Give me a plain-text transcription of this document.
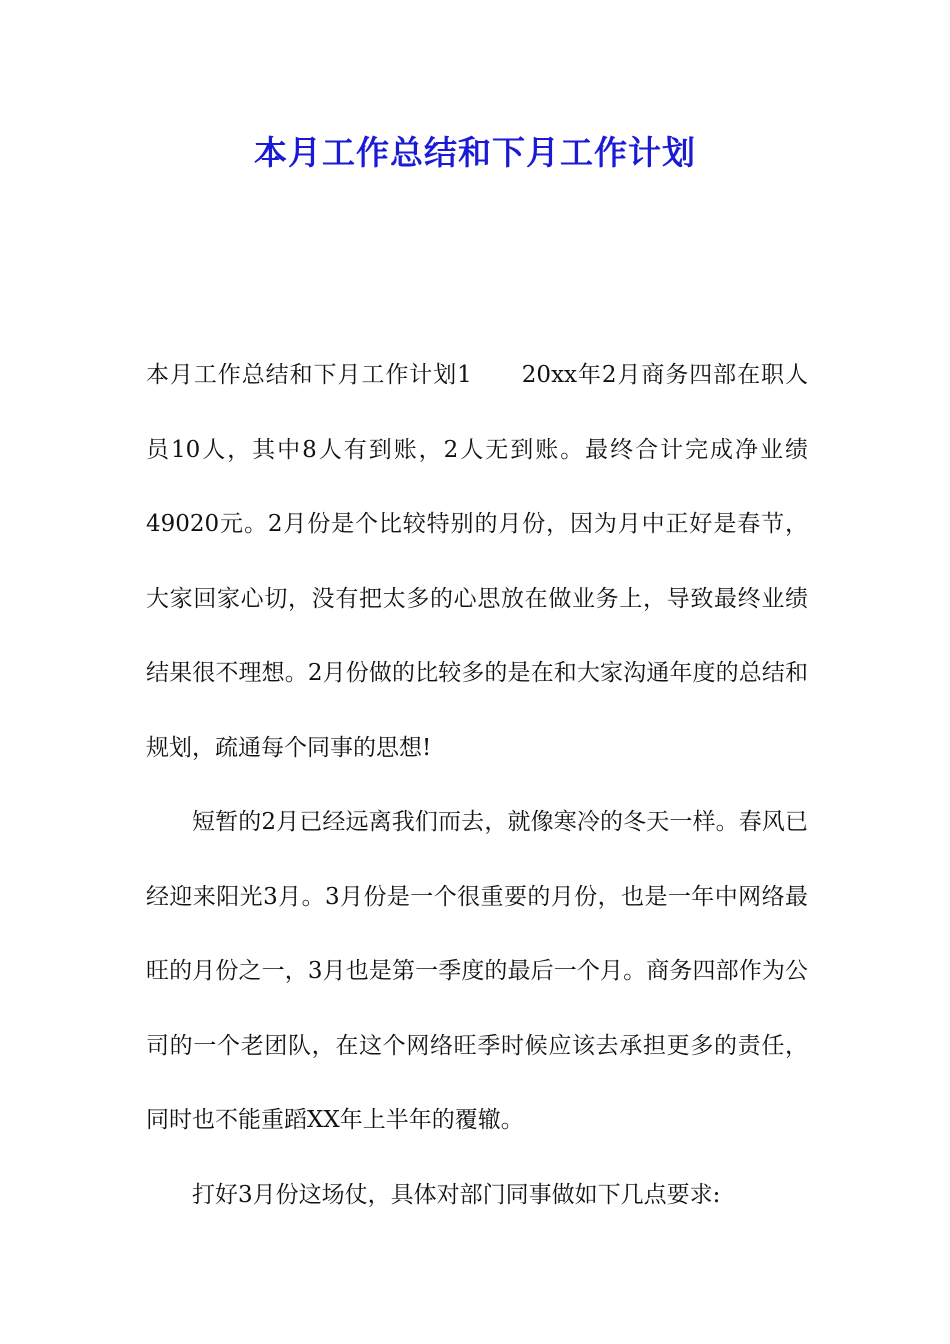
本月工作总结和下月工作计划

本月工作总结和下月工作计划1 20xx年2月商务四部在职人员10人，其中8人有到账，2人无到账。最终合计完成净业绩49020元。2月份是个比较特别的月份，因为月中正好是春节，大家回家心切，没有把太多的心思放在做业务上，导致最终业绩结果很不理想。2月份做的比较多的是在和大家沟通年度的总结和规划，疏通每个同事的思想!

短暂的2月已经远离我们而去，就像寒冷的冬天一样。春风已经迎来阳光3月。3月份是一个很重要的月份，也是一年中网络最旺的月份之一，3月也是第一季度的最后一个月。商务四部作为公司的一个老团队，在这个网络旺季时候应该去承担更多的责任，同时也不能重蹈XX年上半年的覆辙。

打好3月份这场仗，具体对部门同事做如下几点要求:
